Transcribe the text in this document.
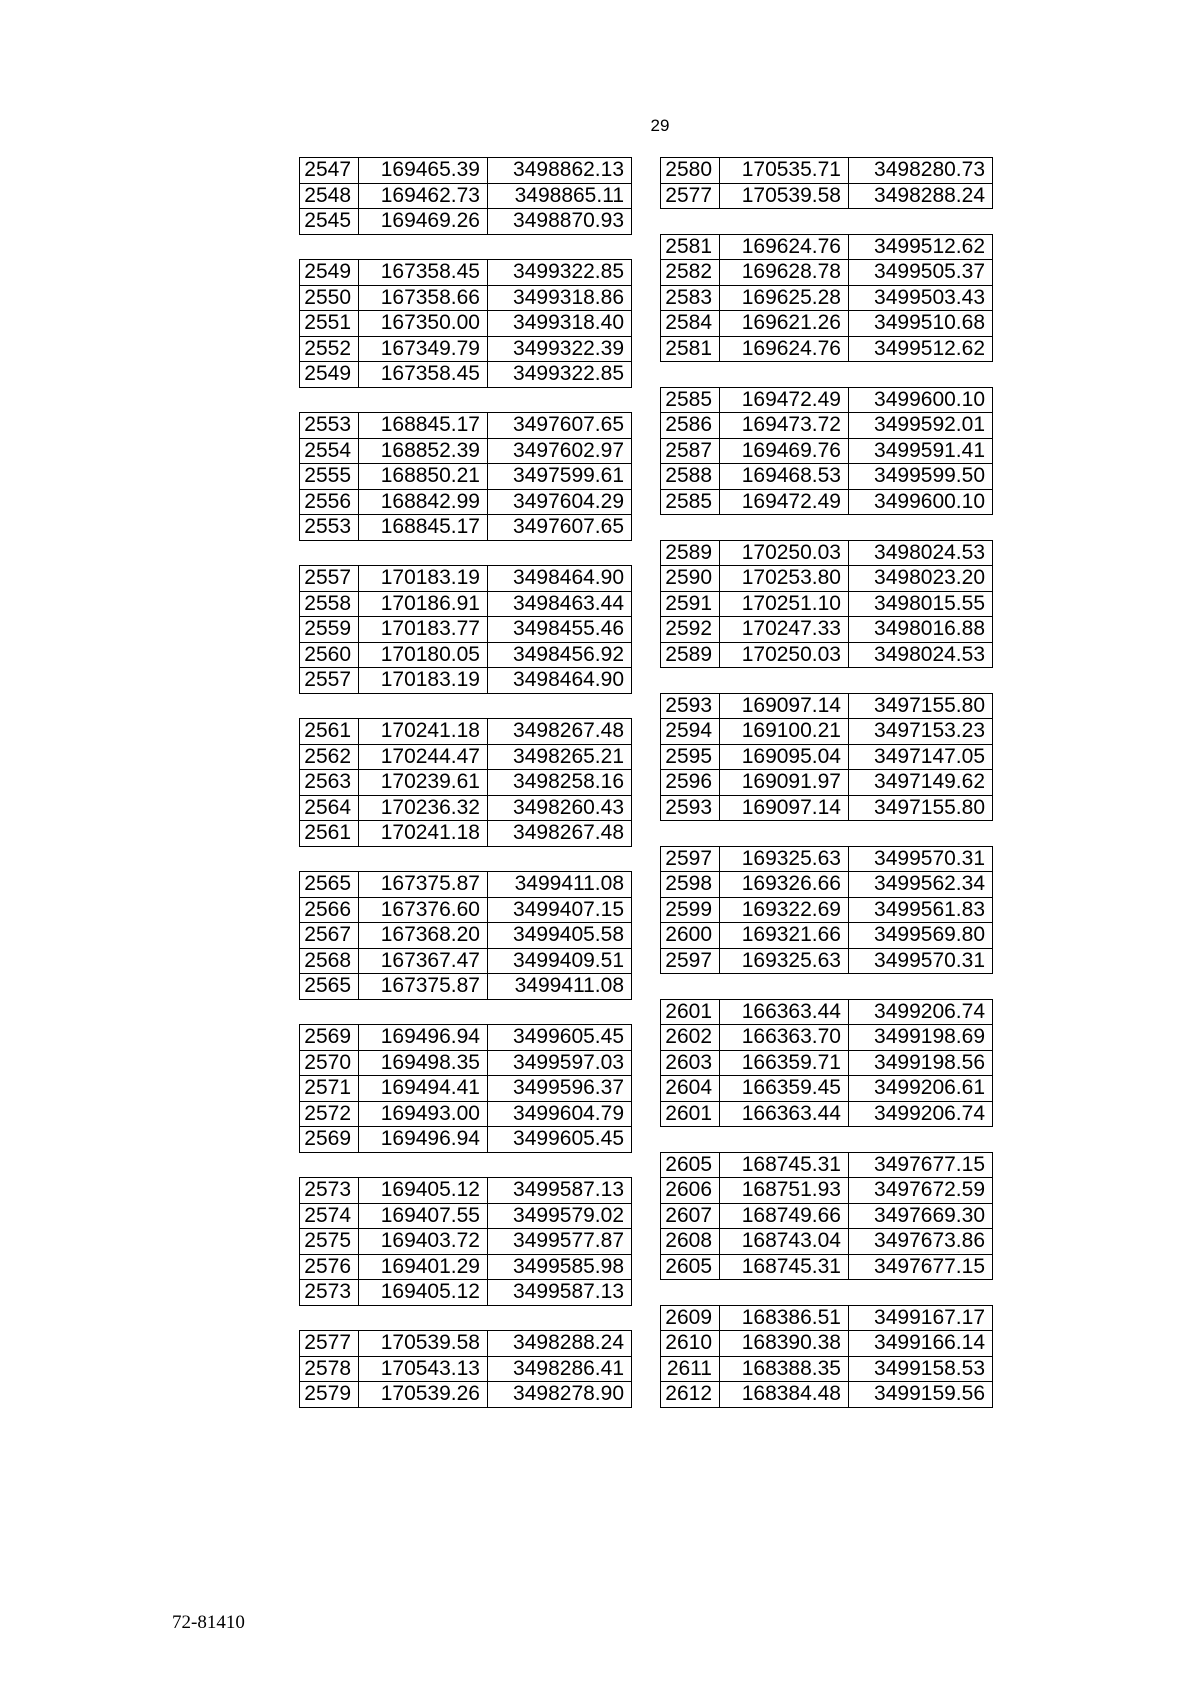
29
2547	169465.39	3498862.13
2548	169462.73	3498865.11
2545	169469.26	3498870.93

2549	167358.45	3499322.85
2550	167358.66	3499318.86
2551	167350.00	3499318.40
2552	167349.79	3499322.39
2549	167358.45	3499322.85

2553	168845.17	3497607.65
2554	168852.39	3497602.97
2555	168850.21	3497599.61
2556	168842.99	3497604.29
2553	168845.17	3497607.65

2557	170183.19	3498464.90
2558	170186.91	3498463.44
2559	170183.77	3498455.46
2560	170180.05	3498456.92
2557	170183.19	3498464.90

2561	170241.18	3498267.48
2562	170244.47	3498265.21
2563	170239.61	3498258.16
2564	170236.32	3498260.43
2561	170241.18	3498267.48

2565	167375.87	3499411.08
2566	167376.60	3499407.15
2567	167368.20	3499405.58
2568	167367.47	3499409.51
2565	167375.87	3499411.08

2569	169496.94	3499605.45
2570	169498.35	3499597.03
2571	169494.41	3499596.37
2572	169493.00	3499604.79
2569	169496.94	3499605.45

2573	169405.12	3499587.13
2574	169407.55	3499579.02
2575	169403.72	3499577.87
2576	169401.29	3499585.98
2573	169405.12	3499587.13

2577	170539.58	3498288.24
2578	170543.13	3498286.41
2579	170539.26	3498278.90
2580	170535.71	3498280.73
2577	170539.58	3498288.24

2581	169624.76	3499512.62
2582	169628.78	3499505.37
2583	169625.28	3499503.43
2584	169621.26	3499510.68
2581	169624.76	3499512.62

2585	169472.49	3499600.10
2586	169473.72	3499592.01
2587	169469.76	3499591.41
2588	169468.53	3499599.50
2585	169472.49	3499600.10

2589	170250.03	3498024.53
2590	170253.80	3498023.20
2591	170251.10	3498015.55
2592	170247.33	3498016.88
2589	170250.03	3498024.53

2593	169097.14	3497155.80
2594	169100.21	3497153.23
2595	169095.04	3497147.05
2596	169091.97	3497149.62
2593	169097.14	3497155.80

2597	169325.63	3499570.31
2598	169326.66	3499562.34
2599	169322.69	3499561.83
2600	169321.66	3499569.80
2597	169325.63	3499570.31

2601	166363.44	3499206.74
2602	166363.70	3499198.69
2603	166359.71	3499198.56
2604	166359.45	3499206.61
2601	166363.44	3499206.74

2605	168745.31	3497677.15
2606	168751.93	3497672.59
2607	168749.66	3497669.30
2608	168743.04	3497673.86
2605	168745.31	3497677.15

2609	168386.51	3499167.17
2610	168390.38	3499166.14
2611	168388.35	3499158.53
2612	168384.48	3499159.56
72-81410
